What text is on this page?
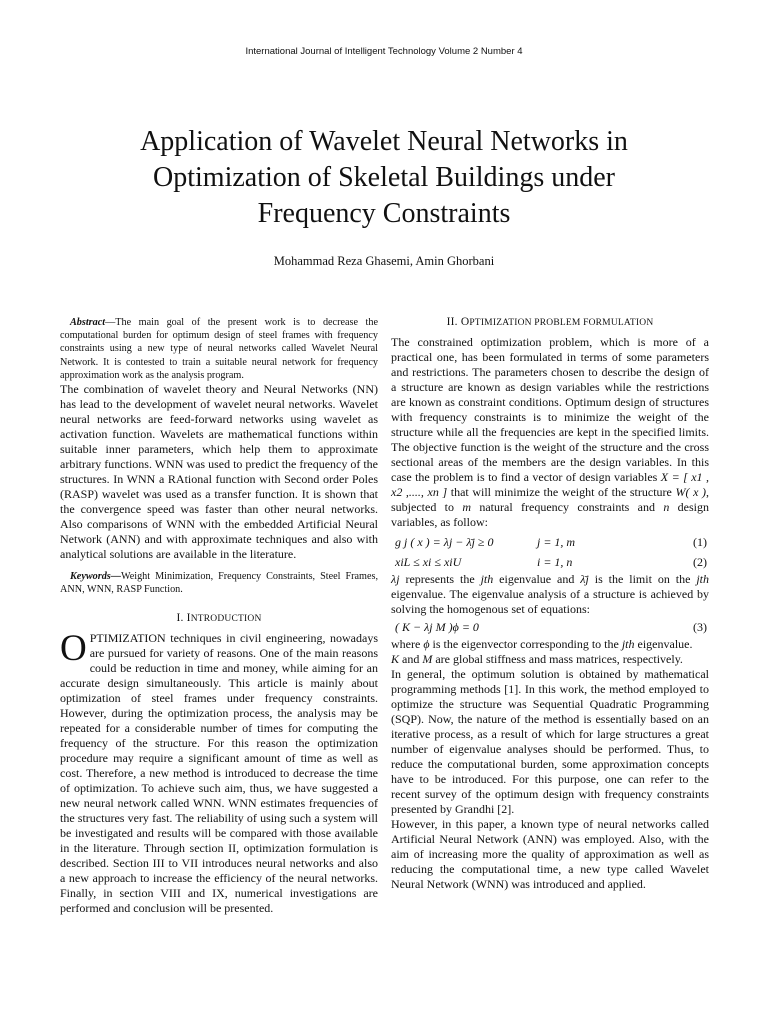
International Journal of Intelligent Technology Volume 2 Number 4
Application of Wavelet Neural Networks in
Optimization of Skeletal Buildings under
Frequency Constraints
Mohammad Reza Ghasemi, Amin Ghorbani

Abstract—The main goal of the present work is to decrease the computational burden for optimum design of steel frames with frequency constraints using a new type of neural networks called Wavelet Neural Network. It is contested to train a suitable neural network for frequency approximation work as the analysis program.

The combination of wavelet theory and Neural Networks (NN) has lead to the development of wavelet neural networks. Wavelet neural networks are feed-forward networks using wavelet as activation function. Wavelets are mathematical functions within suitable inner parameters, which help them to approximate arbitrary functions. WNN was used to predict the frequency of the structures. In WNN a RAtional function with Second order Poles (RASP) wavelet was used as a transfer function. It is shown that the convergence speed was faster than other neural networks. Also comparisons of WNN with the embedded Artificial Neural Network (ANN) and with approximate techniques and also with analytical solutions are available in the literature.

Keywords—Weight Minimization, Frequency Constraints, Steel Frames, ANN, WNN, RASP Function.

I. INTRODUCTION

OPTIMIZATION techniques in civil engineering, nowadays are pursued for variety of reasons. One of the main reasons could be reduction in time and money, while aiming for an accurate design simultaneously. This article is mainly about optimization of steel frames under frequency constraints. However, during the optimization process, the analysis may be repeated for a considerable number of times for computing the frequency of the structure. For this reason the optimization procedure may require a significant amount of time as well as cost. Therefore, a new method is introduced to decrease the time of optimization. To achieve such aim, thus, we have suggested a new neural network called WNN. WNN estimates frequencies of the structures very fast. The reliability of using such a system will be investigated and results will be compared with those available in the literature. Through section II, optimization formulation is described. Section III to VII introduces neural networks and also a new approach to increase the efficiency of the neural networks. Finally, in section VIII and IX, numerical investigations are performed and conclusion will be presented.

II. OPTIMIZATION PROBLEM FORMULATION

The constrained optimization problem, which is more of a practical one, has been formulated in terms of some parameters and restrictions. The parameters chosen to describe the design of a structure are known as design variables while the restrictions are known as constraint conditions. Optimum design of structures with frequency constraints is to minimize the weight of the structure while all the frequencies are kept in the specified limits. The objective function is the weight of the structure and the cross sectional areas of the members are the design variables. In this case the problem is to find a vector of design variables X = [ x1 , x2 ,...., xn ] that will minimize the weight of the structure W( x ), subjected to m natural frequency constraints and n design variables, as follow:

g j ( x ) = λj − λ̄j ≥ 0	j = 1, m	(1)
xiL ≤ xi ≤ xiU	i = 1, n	(2)

λj represents the jth eigenvalue and λ̄j is the limit on the jth eigenvalue. The eigenvalue analysis of a structure is achieved by solving the homogenous set of equations:

( K − λj M )ϕ = 0	(3)

where ϕ is the eigenvector corresponding to the jth eigenvalue.

K and M are global stiffness and mass matrices, respectively.

In general, the optimum solution is obtained by mathematical programming methods [1]. In this work, the method employed to optimize the structure was Sequential Quadratic Programming (SQP). Now, the nature of the method is essentially based on an iterative process, as a result of which for large structures a great number of eigenvalue analyses should be performed. Thus, to reduce the computational burden, some approximation concepts have to be introduced. For this purpose, one can refer to the recent survey of the optimum design with frequency constraints presented by Grandhi [2].

However, in this paper, a known type of neural networks called Artificial Neural Network (ANN) was employed. Also, with the aim of increasing more the quality of approximation as well as reducing the computational time, a new type called Wavelet Neural Network (WNN) was introduced and applied.
